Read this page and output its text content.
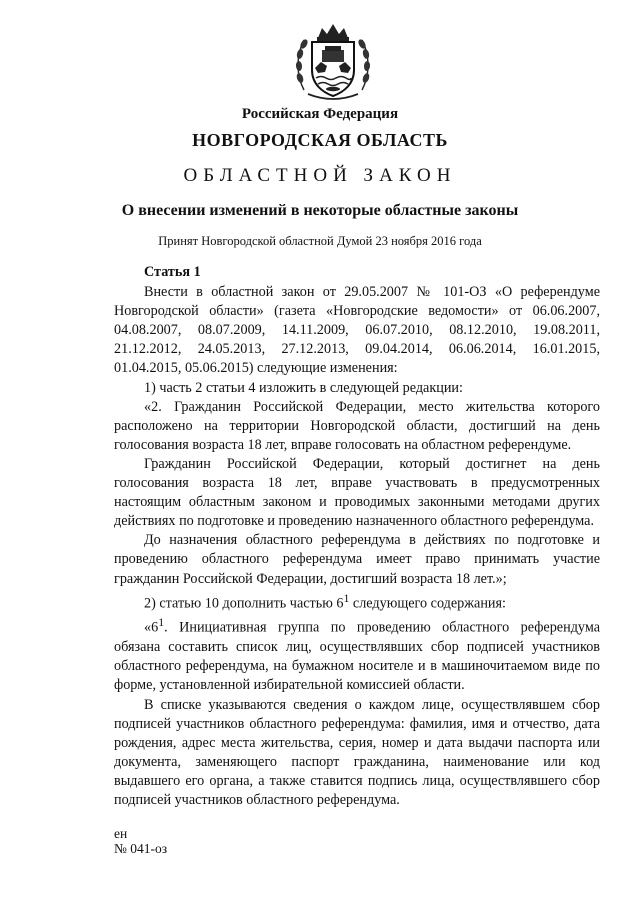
Российская Федерация
НОВГОРОДСКАЯ ОБЛАСТЬ
ОБЛАСТНОЙ ЗАКОН
О внесении изменений в некоторые областные законы
Принят Новгородской областной Думой 23 ноября 2016 года

Статья 1

Внести в областной закон от 29.05.2007 № 101-ОЗ «О референдуме Новгородской области» (газета «Новгородские ведомости» от 06.06.2007, 04.08.2007, 08.07.2009, 14.11.2009, 06.07.2010, 08.12.2010, 19.08.2011, 21.12.2012, 24.05.2013, 27.12.2013, 09.04.2014, 06.06.2014, 16.01.2015, 01.04.2015, 05.06.2015) следующие изменения:

1) часть 2 статьи 4 изложить в следующей редакции:

«2. Гражданин Российской Федерации, место жительства которого расположено на территории Новгородской области, достигший на день голосования возраста 18 лет, вправе голосовать на областном референдуме.

Гражданин Российской Федерации, который достигнет на день голосования возраста 18 лет, вправе участвовать в предусмотренных настоящим областным законом и проводимых законными методами других действиях по подготовке и проведению назначенного областного референдума.

До назначения областного референдума в действиях по подготовке и проведению областного референдума имеет право принимать участие гражданин Российской Федерации, достигший возраста 18 лет.»;

2) статью 10 дополнить частью $6^1$ следующего содержания:

«$6^1$. Инициативная группа по проведению областного референдума обязана составить список лиц, осуществлявших сбор подписей участников областного референдума, на бумажном носителе и в машиночитаемом виде по форме, установленной избирательной комиссией области.

В списке указываются сведения о каждом лице, осуществлявшем сбор подписей участников областного референдума: фамилия, имя и отчество, дата рождения, адрес места жительства, серия, номер и дата выдачи паспорта или документа, заменяющего паспорт гражданина, наименование или код выдавшего его органа, а также ставится подпись лица, осуществлявшего сбор подписей участников областного референдума.

ен
№ 041-оз
